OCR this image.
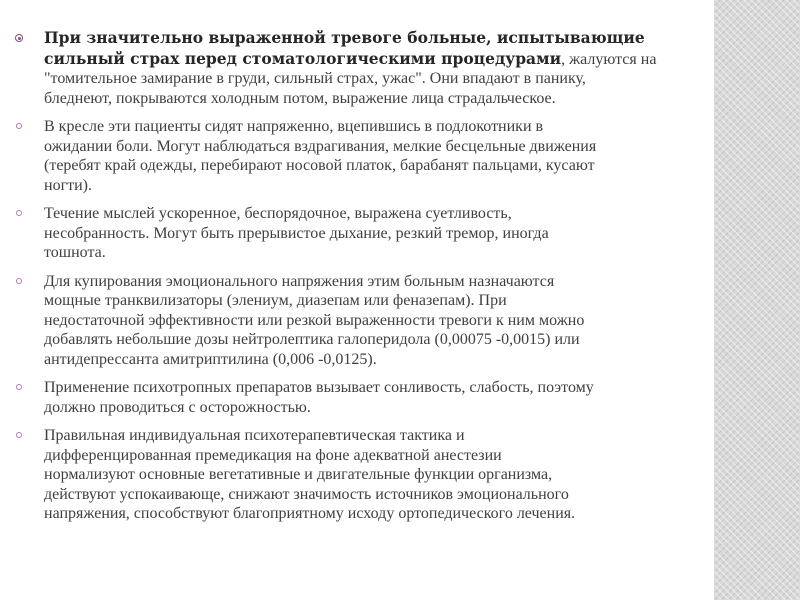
При значительно выраженной тревоге больные, испытывающие
сильный страх перед стоматологическими процедурами, жалуются на
"томительное замирание в груди, сильный страх, ужас". Они впадают в панику,
бледнеют, покрываются холодным потом, выражение лица страдальческое.
В кресле эти пациенты сидят напряженно, вцепившись в подлокотники в
ожидании боли. Могут наблюдаться вздрагивания, мелкие бесцельные движения
(теребят край одежды, перебирают носовой платок, барабанят пальцами, кусают
ногти).
Течение мыслей ускоренное, беспорядочное, выражена суетливость,
несобранность. Могут быть прерывистое дыхание, резкий тремор, иногда
тошнота.
Для купирования эмоционального напряжения этим больным назначаются
мощные транквилизаторы (элениум, диазепам или феназепам). При
недостаточной эффективности или резкой выраженности тревоги к ним можно
добавлять небольшие дозы нейтролептика галоперидола (0,00075 -0,0015) или
антидепрессанта амитриптилина (0,006 -0,0125).
Применение психотропных препаратов вызывает сонливость, слабость, поэтому
должно проводиться с осторожностью.
Правильная индивидуальная психотерапевтическая тактика и
дифференцированная премедикация на фоне адекватной анестезии
нормализуют основные вегетативные и двигательные функции организма,
действуют успокаивающе, снижают значимость источников эмоционального
напряжения, способствуют благоприятному исходу ортопедического лечения.
